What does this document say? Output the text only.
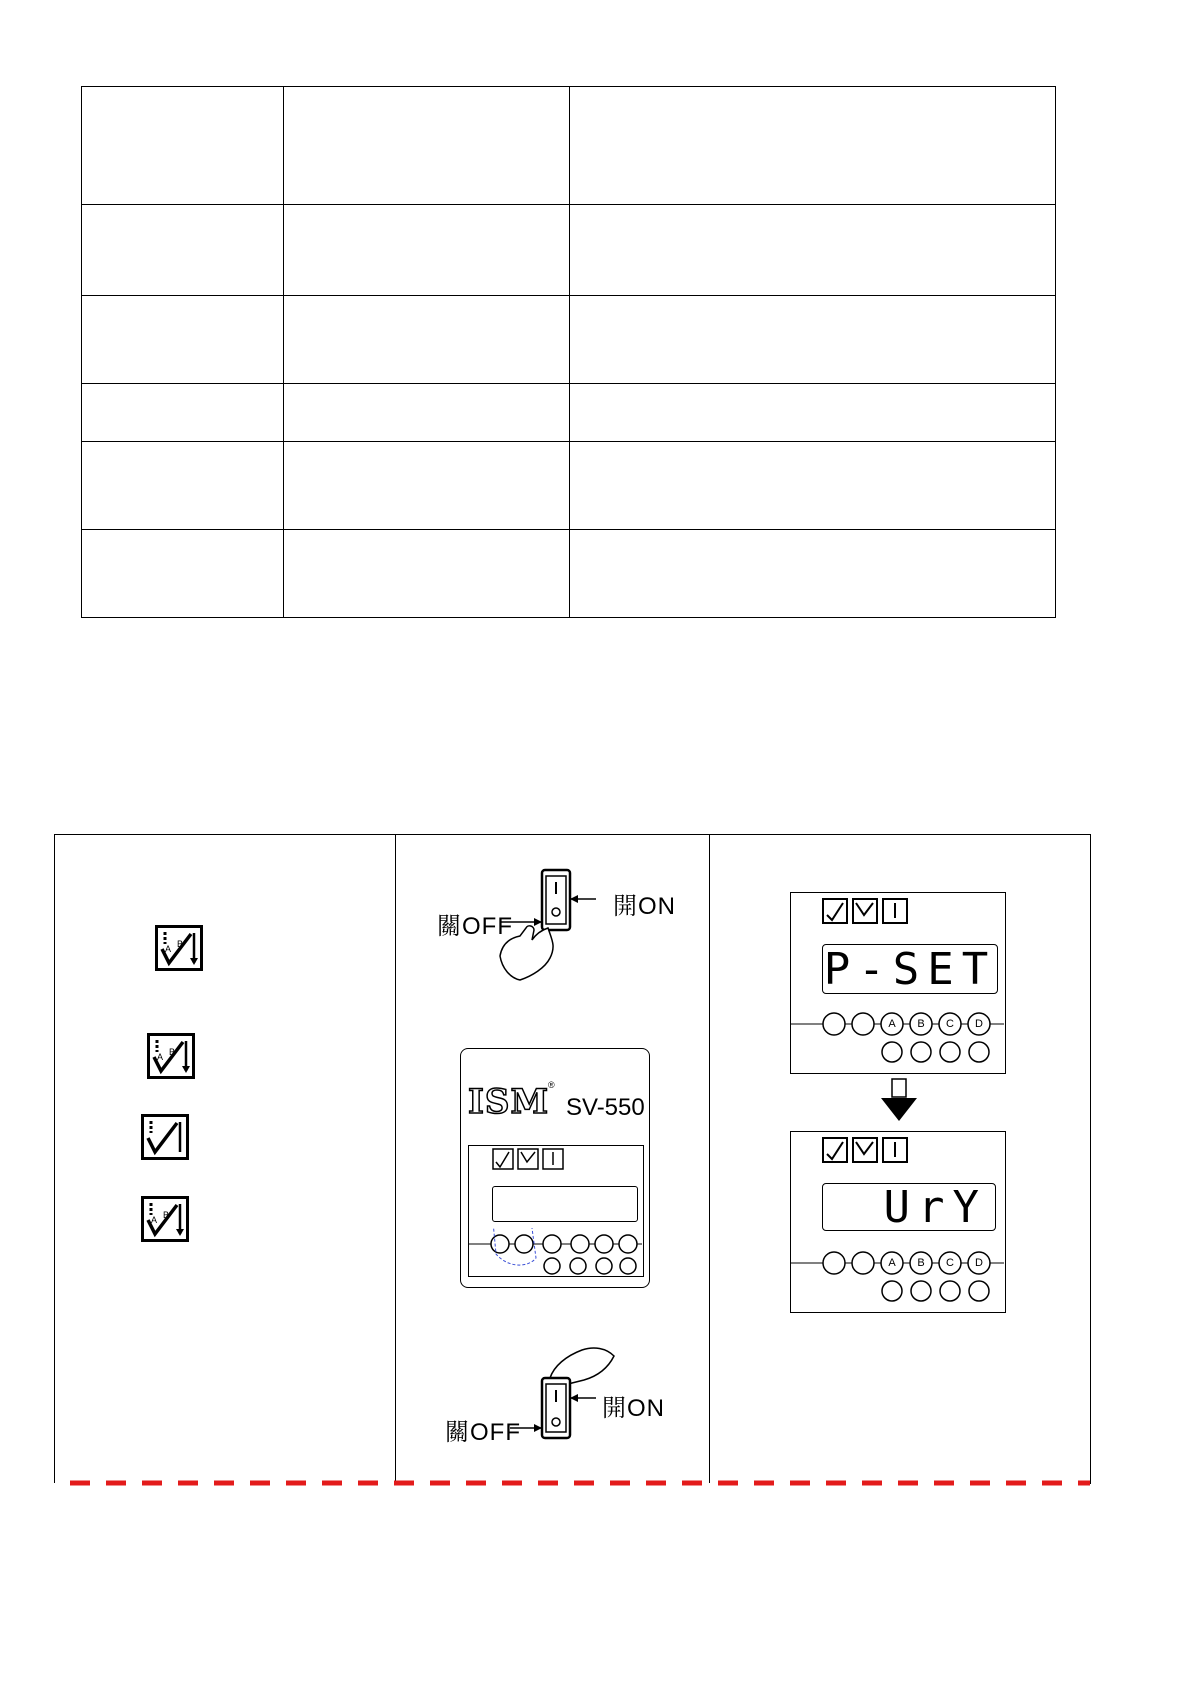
A B
A B
A B
關OFF
開ON
ISM
®
SV-550
關OFF
開ON
P-SET
A B C D
UrY
A B C D
